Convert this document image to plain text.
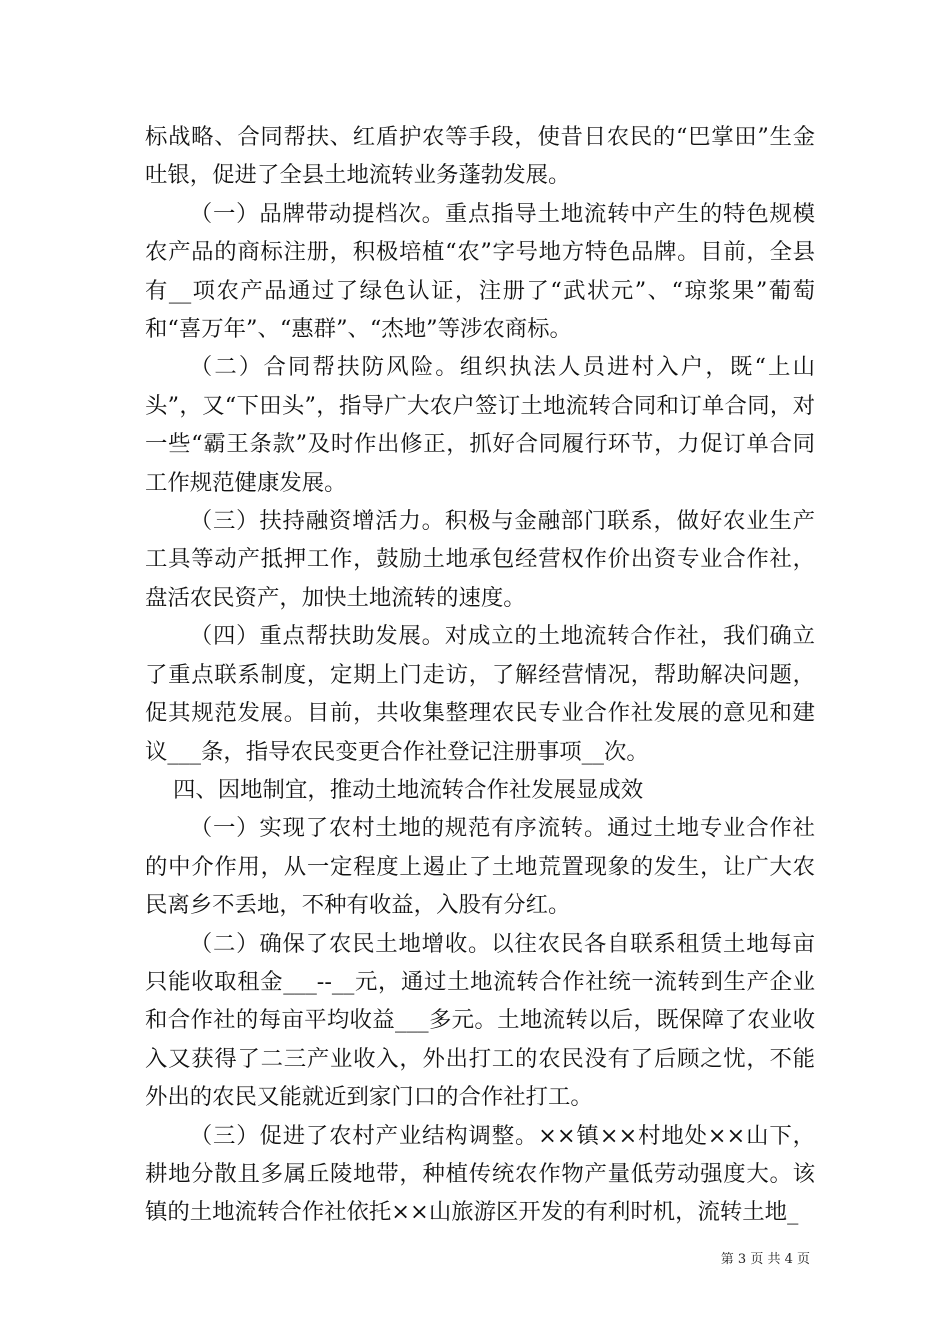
标战略、合同帮扶、红盾护农等手段，使昔日农民的“巴掌田”生金吐银，促进了全县土地流转业务蓬勃发展。

（一）品牌带动提档次。重点指导土地流转中产生的特色规模农产品的商标注册，积极培植“农”字号地方特色品牌。目前，全县有__项农产品通过了绿色认证，注册了“武状元”、“琼浆果”葡萄和“喜万年”、“惠群”、“杰地”等涉农商标。

（二）合同帮扶防风险。组织执法人员进村入户，既“上山头”，又“下田头”，指导广大农户签订土地流转合同和订单合同，对一些“霸王条款”及时作出修正，抓好合同履行环节，力促订单合同工作规范健康发展。

（三）扶持融资增活力。积极与金融部门联系，做好农业生产工具等动产抵押工作，鼓励土地承包经营权作价出资专业合作社，盘活农民资产，加快土地流转的速度。

（四）重点帮扶助发展。对成立的土地流转合作社，我们确立了重点联系制度，定期上门走访，了解经营情况，帮助解决问题，促其规范发展。目前，共收集整理农民专业合作社发展的意见和建议___条，指导农民变更合作社登记注册事项__次。

四、因地制宜，推动土地流转合作社发展显成效

（一）实现了农村土地的规范有序流转。通过土地专业合作社的中介作用，从一定程度上遏止了土地荒置现象的发生，让广大农民离乡不丢地，不种有收益，入股有分红。

（二）确保了农民土地增收。以往农民各自联系租赁土地每亩只能收取租金___--__元，通过土地流转合作社统一流转到生产企业和合作社的每亩平均收益___多元。土地流转以后，既保障了农业收入又获得了二三产业收入，外出打工的农民没有了后顾之忧，不能外出的农民又能就近到家门口的合作社打工。

（三）促进了农村产业结构调整。××镇××村地处××山下，耕地分散且多属丘陵地带，种植传统农作物产量低劳动强度大。该镇的土地流转合作社依托××山旅游区开发的有利时机，流转土地_

第 3 页 共 4 页
